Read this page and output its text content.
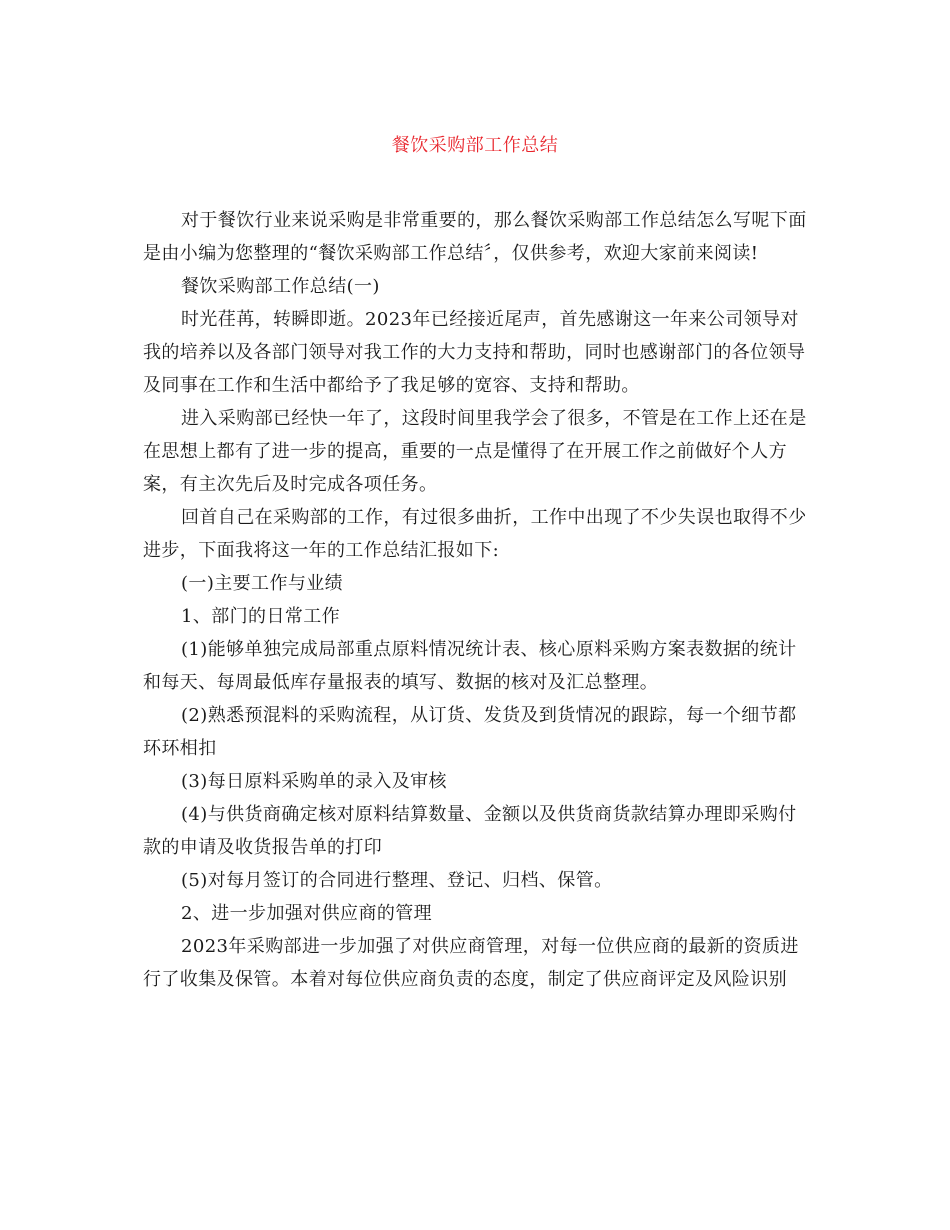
餐饮采购部工作总结

对于餐饮行业来说采购是非常重要的，那么餐饮采购部工作总结怎么写呢下面是由小编为您整理的“餐饮采购部工作总结〞，仅供参考，欢迎大家前来阅读!

餐饮采购部工作总结(一)

时光荏苒，转瞬即逝。2023年已经接近尾声，首先感谢这一年来公司领导对我的培养以及各部门领导对我工作的大力支持和帮助，同时也感谢部门的各位领导及同事在工作和生活中都给予了我足够的宽容、支持和帮助。

进入采购部已经快一年了，这段时间里我学会了很多，不管是在工作上还在是在思想上都有了进一步的提高，重要的一点是懂得了在开展工作之前做好个人方案，有主次先后及时完成各项任务。

回首自己在采购部的工作，有过很多曲折，工作中出现了不少失误也取得不少进步，下面我将这一年的工作总结汇报如下:

(一)主要工作与业绩

1、部门的日常工作

(1)能够单独完成局部重点原料情况统计表、核心原料采购方案表数据的统计和每天、每周最低库存量报表的填写、数据的核对及汇总整理。

(2)熟悉预混料的采购流程，从订货、发货及到货情况的跟踪，每一个细节都环环相扣

(3)每日原料采购单的录入及审核

(4)与供货商确定核对原料结算数量、金额以及供货商货款结算办理即采购付款的申请及收货报告单的打印

(5)对每月签订的合同进行整理、登记、归档、保管。

2、进一步加强对供应商的管理

2023年采购部进一步加强了对供应商管理，对每一位供应商的最新的资质进行了收集及保管。本着对每位供应商负责的态度，制定了供应商评定及风险识别
